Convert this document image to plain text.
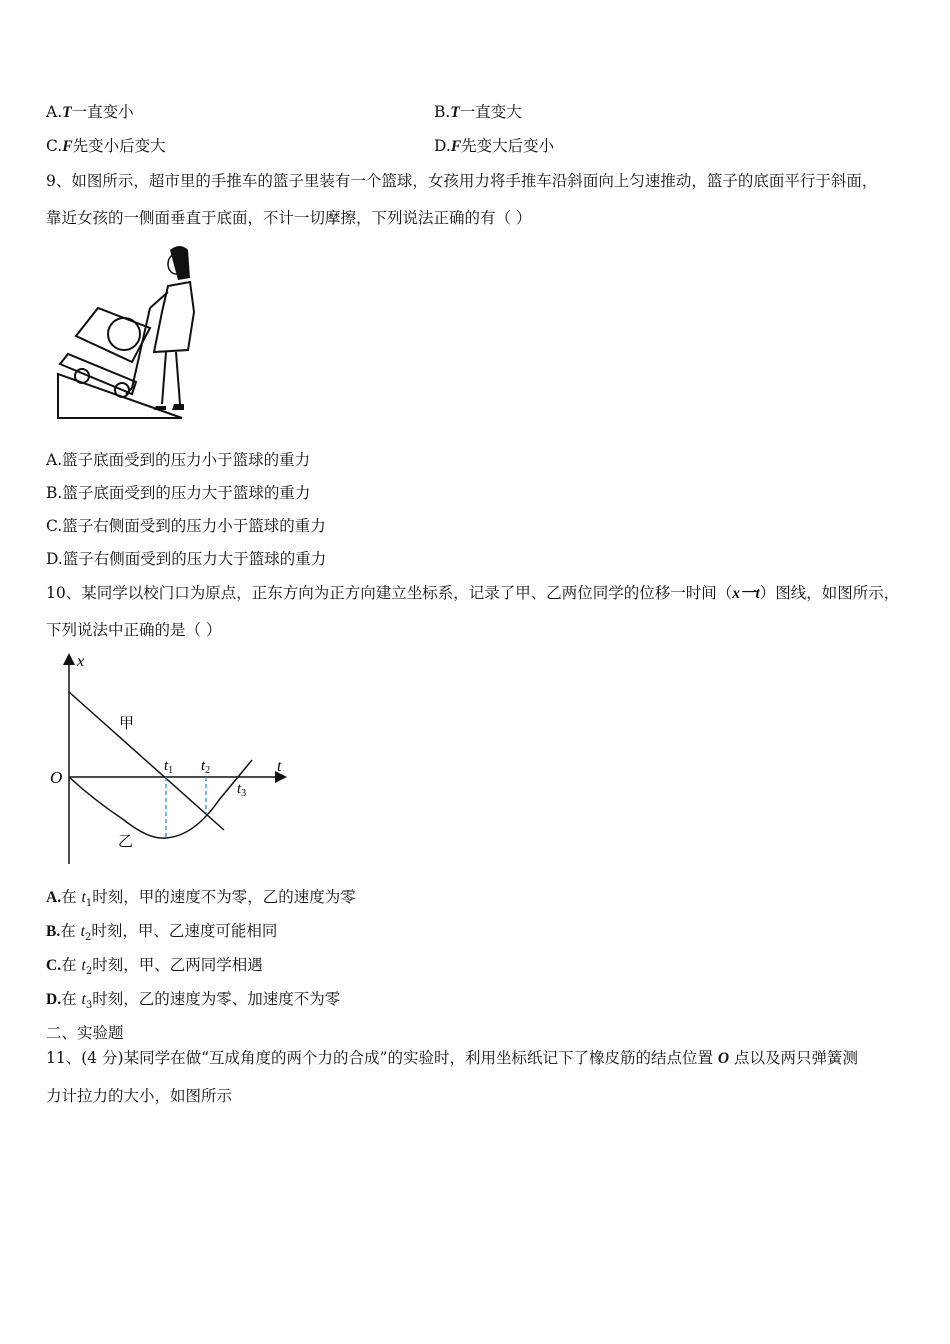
A.T一直变小	B.T一直变大
C.F先变小后变大	D.F先变大后变小
9、如图所示，超市里的手推车的篮子里装有一个篮球，女孩用力将手推车沿斜面向上匀速推动，篮子的底面平行于斜面，
靠近女孩的一侧面垂直于底面，不计一切摩擦，下列说法正确的有（ ）
A.篮子底面受到的压力小于篮球的重力
B.篮子底面受到的压力大于篮球的重力
C.篮子右侧面受到的压力小于篮球的重力
D.篮子右侧面受到的压力大于篮球的重力
10、某同学以校门口为原点，正东方向为正方向建立坐标系，记录了甲、乙两位同学的位移一时间（x一t）图线，如图所示，
下列说法中正确的是（ ）
x
t
O
甲
乙
$t_1$ $t_2$
$t_3$
A.在 $t_1$时刻，甲的速度不为零，乙的速度为零
B.在 $t_2$时刻，甲、乙速度可能相同
C.在 $t_2$时刻，甲、乙两同学相遇
D.在 $t_3$时刻，乙的速度为零、加速度不为零
二、实验题
11、(4 分)某同学在做“互成角度的两个力的合成”的实验时，利用坐标纸记下了橡皮筋的结点位置 O 点以及两只弹簧测
力计拉力的大小，如图所示
